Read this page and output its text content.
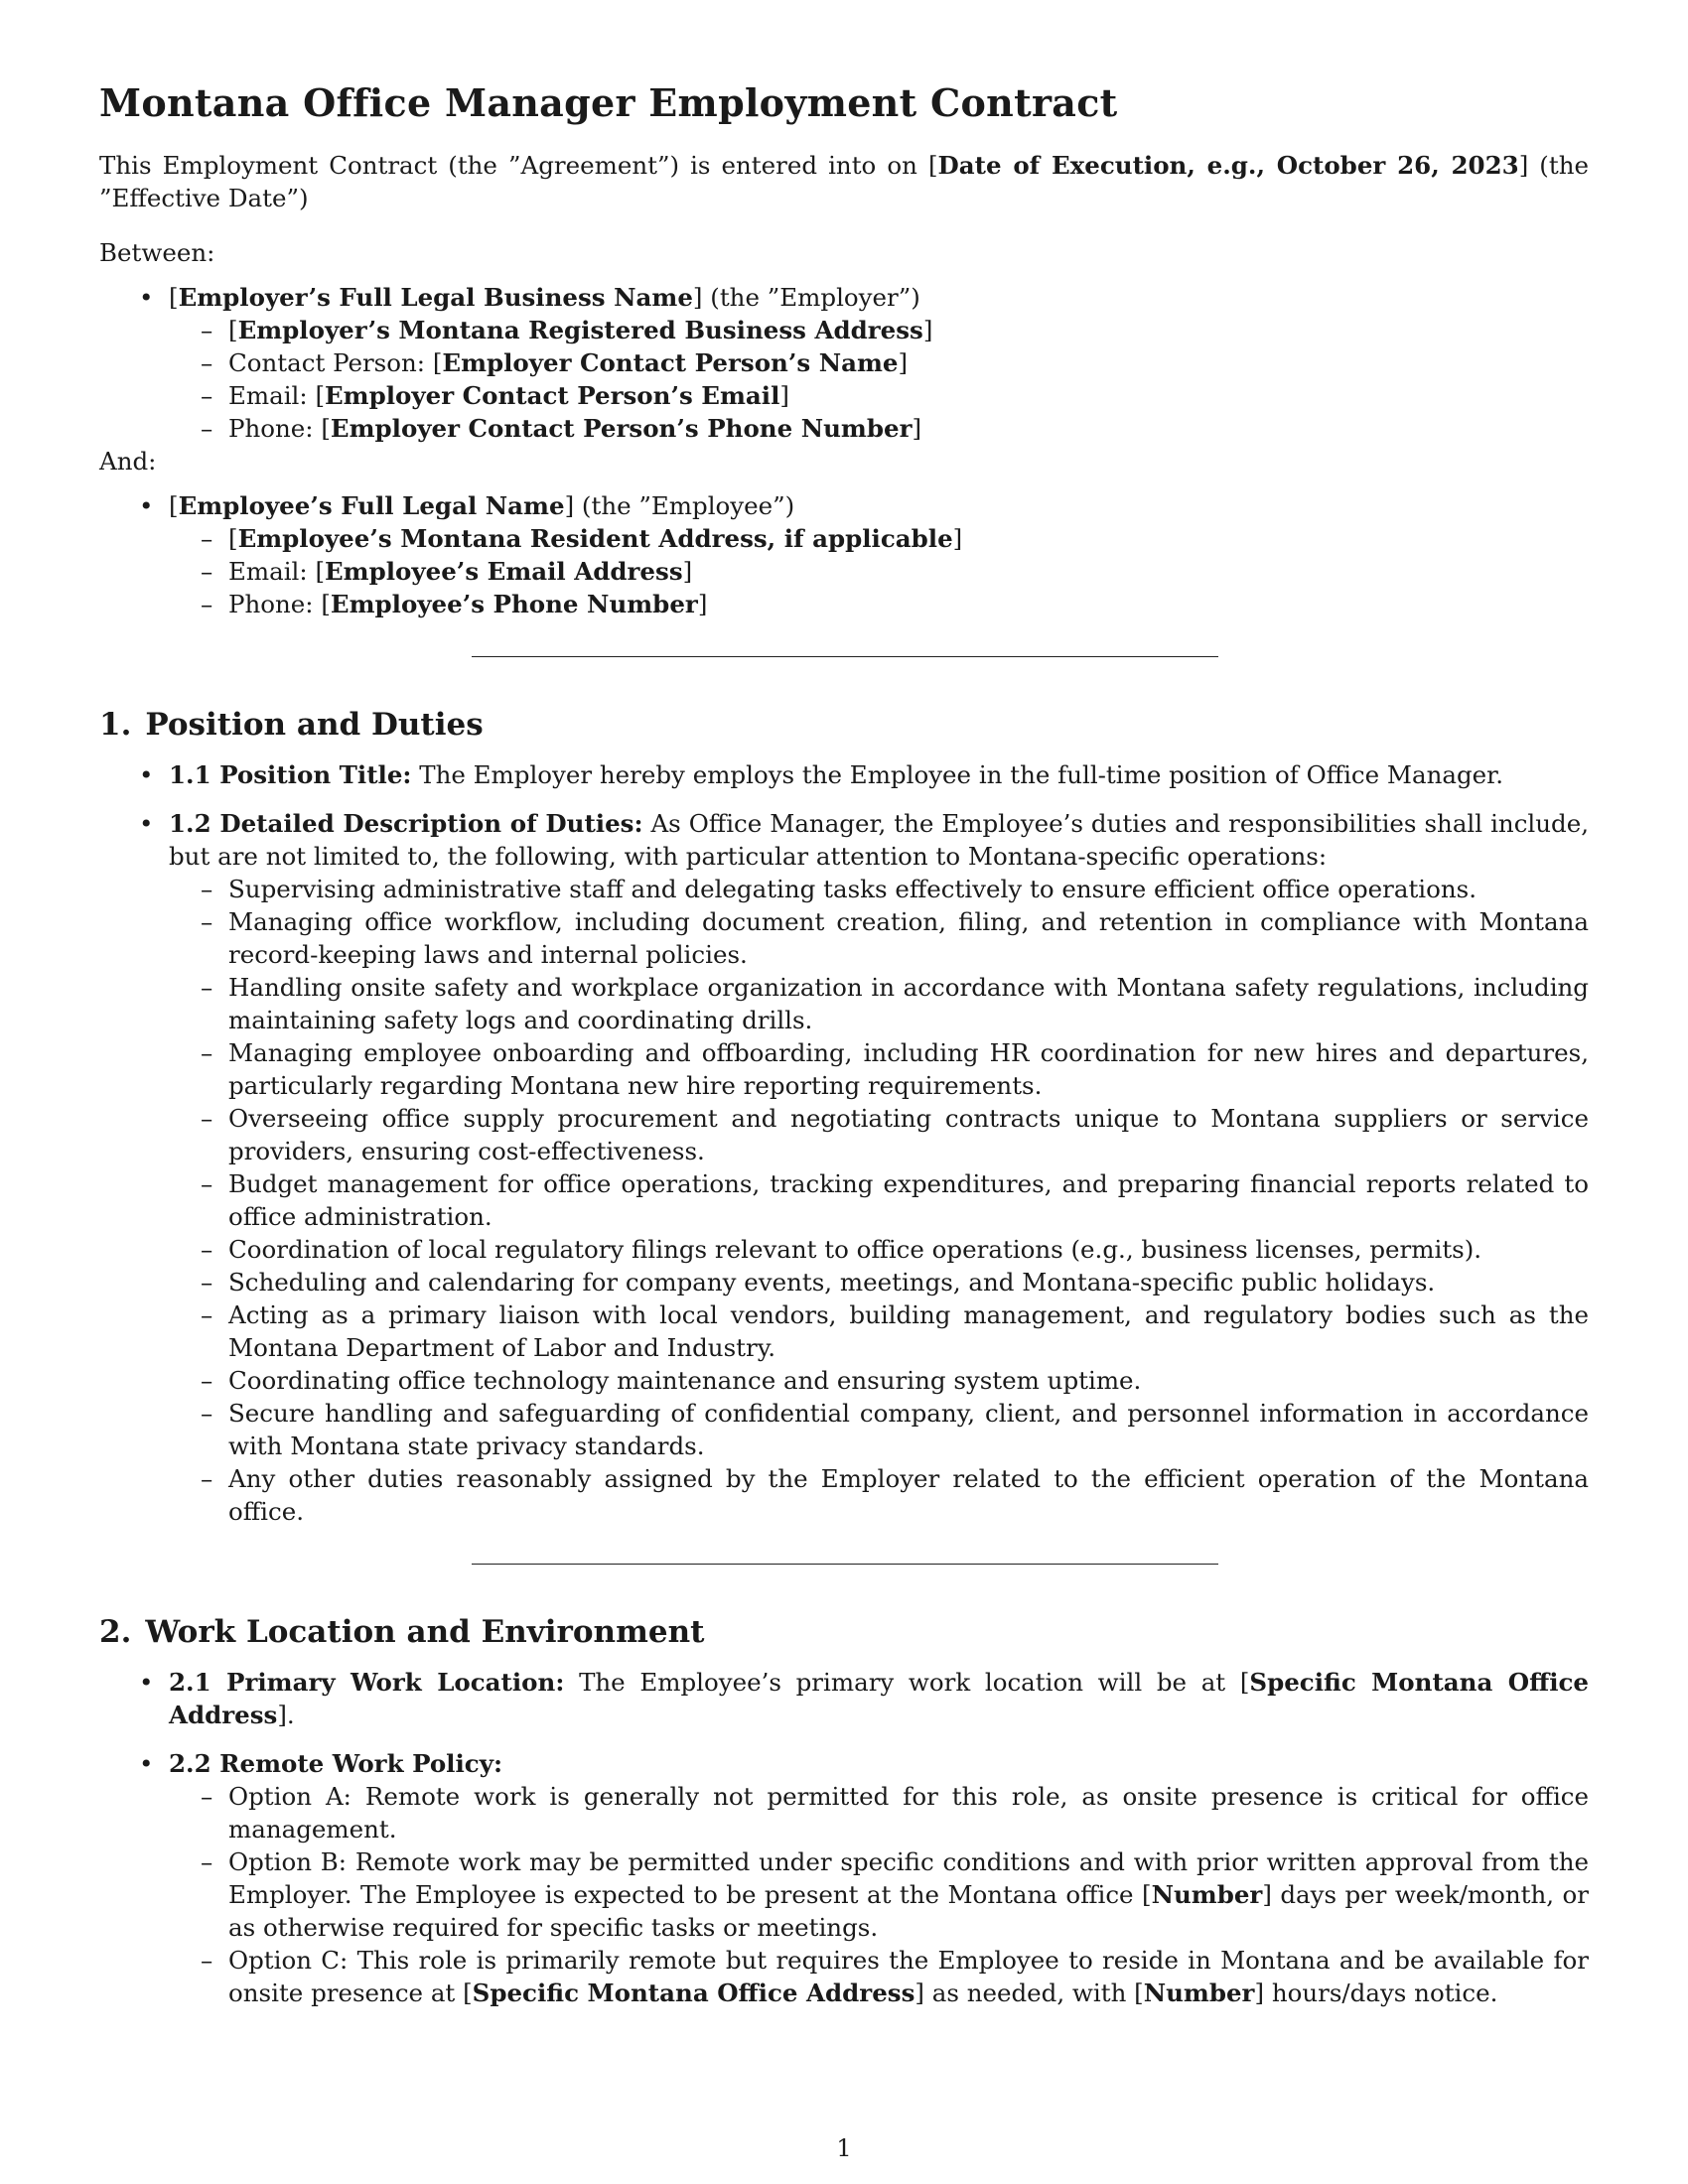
Montana Office Manager Employment Contract

This Employment Contract (the ”Agreement”) is entered into on [Date of Execution, e.g., October 26, 2023] (the ”Effective Date”)

Between:

• [Employer’s Full Legal Business Name] (the ”Employer”)
– [Employer’s Montana Registered Business Address]
– Contact Person: [Employer Contact Person’s Name]
– Email: [Employer Contact Person’s Email]
– Phone: [Employer Contact Person’s Phone Number]

And:

• [Employee’s Full Legal Name] (the ”Employee”)
– [Employee’s Montana Resident Address, if applicable]
– Email: [Employee’s Email Address]
– Phone: [Employee’s Phone Number]
1. Position and Duties
• 1.1 Position Title: The Employer hereby employs the Employee in the full-time position of Office Manager.
• 1.2 Detailed Description of Duties: As Office Manager, the Employee’s duties and responsibilities shall include, but are not limited to, the following, with particular attention to Montana-specific operations:
– Supervising administrative staff and delegating tasks effectively to ensure efficient office operations.
– Managing office workflow, including document creation, filing, and retention in compliance with Montana record-keeping laws and internal policies.
– Handling onsite safety and workplace organization in accordance with Montana safety regulations, including maintaining safety logs and coordinating drills.
– Managing employee onboarding and offboarding, including HR coordination for new hires and departures, particularly regarding Montana new hire reporting requirements.
– Overseeing office supply procurement and negotiating contracts unique to Montana suppliers or service providers, ensuring cost-effectiveness.
– Budget management for office operations, tracking expenditures, and preparing financial reports related to office administration.
– Coordination of local regulatory filings relevant to office operations (e.g., business licenses, permits).
– Scheduling and calendaring for company events, meetings, and Montana-specific public holidays.
– Acting as a primary liaison with local vendors, building management, and regulatory bodies such as the Montana Department of Labor and Industry.
– Coordinating office technology maintenance and ensuring system uptime.
– Secure handling and safeguarding of confidential company, client, and personnel information in accordance with Montana state privacy standards.
– Any other duties reasonably assigned by the Employer related to the efficient operation of the Montana office.
2. Work Location and Environment
• 2.1 Primary Work Location: The Employee’s primary work location will be at [Specific Montana Office Address].
• 2.2 Remote Work Policy:
– Option A: Remote work is generally not permitted for this role, as onsite presence is critical for office management.
– Option B: Remote work may be permitted under specific conditions and with prior written approval from the Employer. The Employee is expected to be present at the Montana office [Number] days per week/month, or as otherwise required for specific tasks or meetings.
– Option C: This role is primarily remote but requires the Employee to reside in Montana and be available for onsite presence at [Specific Montana Office Address] as needed, with [Number] hours/days notice.
1
